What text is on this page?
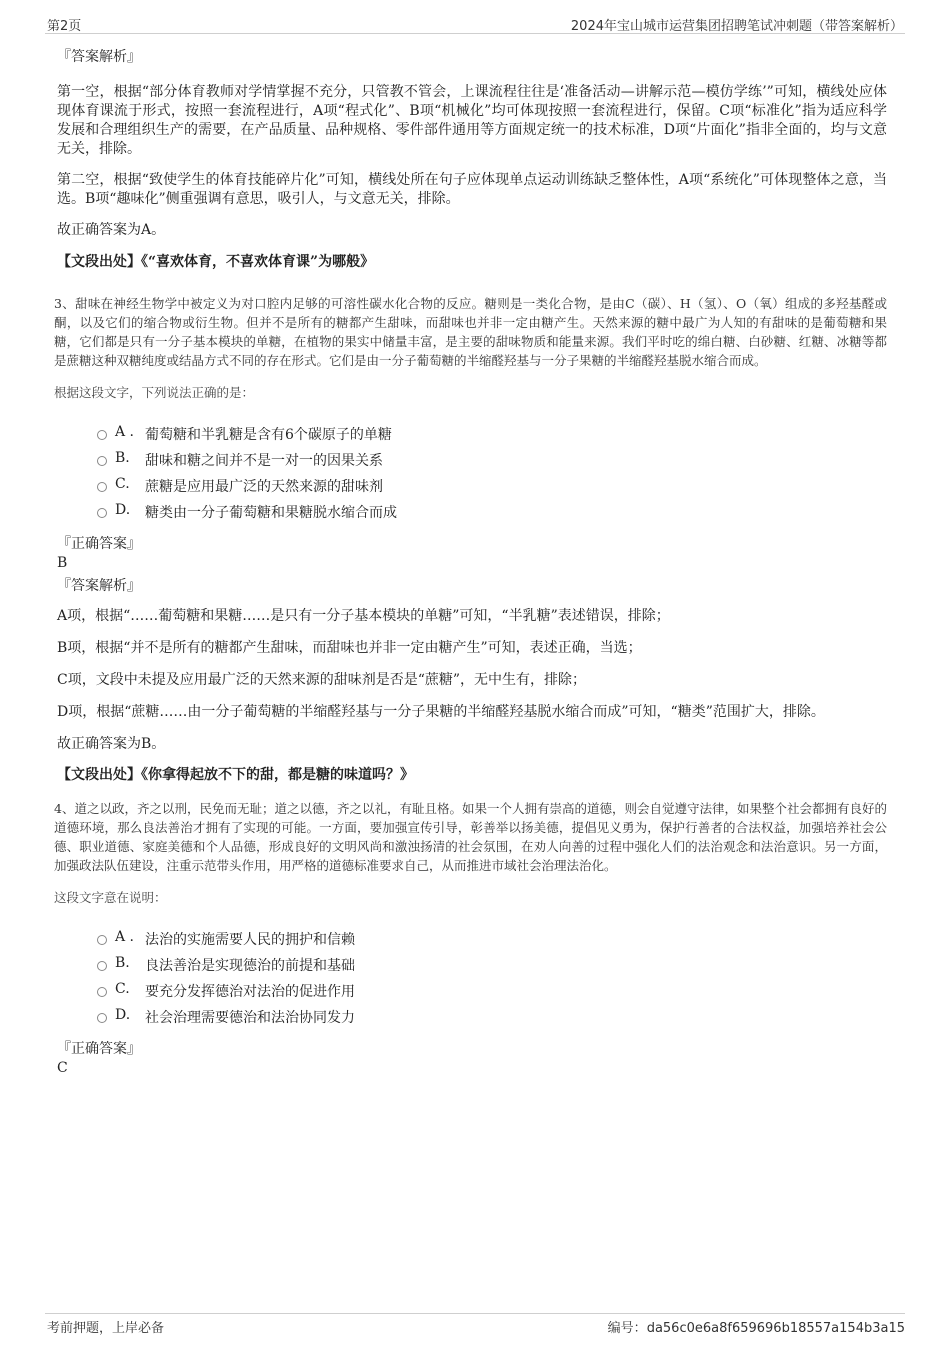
第2页	2024年宝山城市运营集团招聘笔试冲刺题（带答案解析）

『答案解析』

第一空，根据“部分体育教师对学情掌握不充分，只管教不管会，上课流程往往是‘准备活动—讲解示范—模仿学练’”可知，横线处应体现体育课流于形式，按照一套流程进行，A项“程式化”、B项“机械化”均可体现按照一套流程进行，保留。C项“标准化”指为适应科学发展和合理组织生产的需要，在产品质量、品种规格、零件部件通用等方面规定统一的技术标准，D项“片面化”指非全面的，均与文意无关，排除。

第二空，根据“致使学生的体育技能碎片化”可知，横线处所在句子应体现单点运动训练缺乏整体性，A项“系统化”可体现整体之意，当选。B项“趣味化”侧重强调有意思，吸引人，与文意无关，排除。

故正确答案为A。

【文段出处】《“喜欢体育，不喜欢体育课”为哪般》

3、甜味在神经生物学中被定义为对口腔内足够的可溶性碳水化合物的反应。糖则是一类化合物，是由C（碳）、H（氢）、O（氧）组成的多羟基醛或酮，以及它们的缩合物或衍生物。但并不是所有的糖都产生甜味，而甜味也并非一定由糖产生。天然来源的糖中最广为人知的有甜味的是葡萄糖和果糖，它们都是只有一分子基本模块的单糖，在植物的果实中储量丰富，是主要的甜味物质和能量来源。我们平时吃的绵白糖、白砂糖、红糖、冰糖等都是蔗糖这种双糖纯度或结晶方式不同的存在形式。它们是由一分子葡萄糖的半缩醛羟基与一分子果糖的半缩醛羟基脱水缩合而成。

根据这段文字，下列说法正确的是：

A . 葡萄糖和半乳糖是含有6个碳原子的单糖
B. 甜味和糖之间并不是一对一的因果关系
C. 蔗糖是应用最广泛的天然来源的甜味剂
D. 糖类由一分子葡萄糖和果糖脱水缩合而成

『正确答案』

B

『答案解析』

A项，根据“……葡萄糖和果糖……是只有一分子基本模块的单糖”可知，“半乳糖”表述错误，排除；

B项，根据“并不是所有的糖都产生甜味，而甜味也并非一定由糖产生”可知，表述正确，当选；

C项，文段中未提及应用最广泛的天然来源的甜味剂是否是“蔗糖”，无中生有，排除；

D项，根据“蔗糖……由一分子葡萄糖的半缩醛羟基与一分子果糖的半缩醛羟基脱水缩合而成”可知，“糖类”范围扩大，排除。

故正确答案为B。

【文段出处】《你拿得起放不下的甜，都是糖的味道吗？》

4、道之以政，齐之以刑，民免而无耻；道之以德，齐之以礼，有耻且格。如果一个人拥有崇高的道德，则会自觉遵守法律，如果整个社会都拥有良好的道德环境，那么良法善治才拥有了实现的可能。一方面，要加强宣传引导，彰善举以扬美德，提倡见义勇为，保护行善者的合法权益，加强培养社会公德、职业道德、家庭美德和个人品德，形成良好的文明风尚和激浊扬清的社会氛围，在劝人向善的过程中强化人们的法治观念和法治意识。另一方面，加强政法队伍建设，注重示范带头作用，用严格的道德标准要求自己，从而推进市域社会治理法治化。

这段文字意在说明：

A . 法治的实施需要人民的拥护和信赖
B. 良法善治是实现德治的前提和基础
C. 要充分发挥德治对法治的促进作用
D. 社会治理需要德治和法治协同发力

『正确答案』

C

考前押题，上岸必备	编号：da56c0e6a8f659696b18557a154b3a15
